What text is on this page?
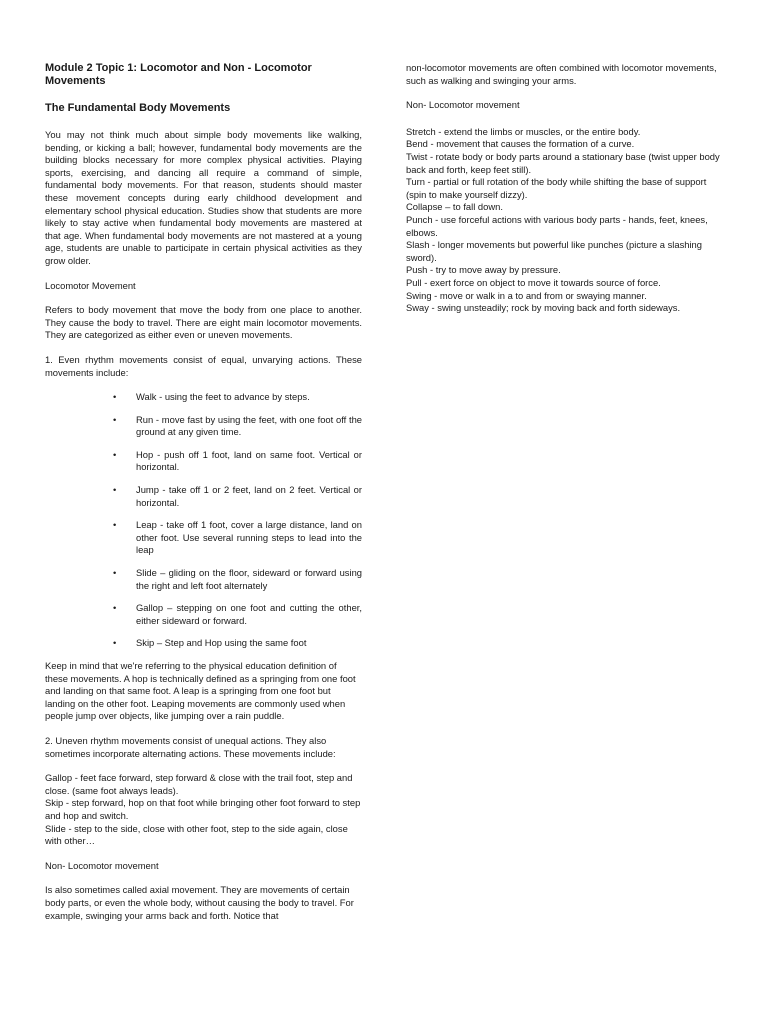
Module 2 Topic 1: Locomotor and Non - Locomotor Movements
The Fundamental Body Movements

You may not think much about simple body movements like walking, bending, or kicking a ball; however, fundamental body movements are the building blocks necessary for more complex physical activities. Playing sports, exercising, and dancing all require a command of simple, fundamental body movements. For that reason, students should master these movement concepts during early childhood development and elementary school physical education. Studies show that students are more likely to stay active when fundamental body movements are mastered at that age. When fundamental body movements are not mastered at a young age, students are unable to participate in certain physical activities as they grow older.

Locomotor Movement

Refers to body movement that move the body from one place to another. They cause the body to travel. There are eight main locomotor movements. They are categorized as either even or uneven movements.

1. Even rhythm movements consist of equal, unvarying actions. These movements include:

• Walk - using the feet to advance by steps.
• Run - move fast by using the feet, with one foot off the ground at any given time.
• Hop - push off 1 foot, land on same foot. Vertical or horizontal.
• Jump - take off 1 or 2 feet, land on 2 feet. Vertical or horizontal.
• Leap - take off 1 foot, cover a large distance, land on other foot. Use several running steps to lead into the leap
• Slide – gliding on the floor, sideward or forward using the right and left foot alternately
• Gallop – stepping on one foot and cutting the other, either sideward or forward.
• Skip – Step and Hop using the same foot

Keep in mind that we're referring to the physical education definition of these movements. A hop is technically defined as a springing from one foot and landing on that same foot. A leap is a springing from one foot but landing on the other foot. Leaping movements are commonly used when people jump over objects, like jumping over a rain puddle.

2. Uneven rhythm movements consist of unequal actions. They also sometimes incorporate alternating actions. These movements include:

Gallop - feet face forward, step forward & close with the trail foot, step and close. (same foot always leads).
Skip - step forward, hop on that foot while bringing other foot forward to step and hop and switch.
Slide - step to the side, close with other foot, step to the side again, close with other…

Non- Locomotor movement

Is also sometimes called axial movement. They are movements of certain body parts, or even the whole body, without causing the body to travel. For example, swinging your arms back and forth. Notice that

non-locomotor movements are often combined with locomotor movements, such as walking and swinging your arms.

Non- Locomotor movement

Stretch - extend the limbs or muscles, or the entire body.
Bend - movement that causes the formation of a curve.
Twist - rotate body or body parts around a stationary base (twist upper body back and forth, keep feet still).
Turn - partial or full rotation of the body while shifting the base of support (spin to make yourself dizzy).
Collapse – to fall down.
Punch - use forceful actions with various body parts - hands, feet, knees, elbows.
Slash - longer movements but powerful like punches (picture a slashing sword).
Push - try to move away by pressure.
Pull - exert force on object to move it towards source of force.
Swing - move or walk in a to and from or swaying manner.
Sway - swing unsteadily; rock by moving back and forth sideways.
